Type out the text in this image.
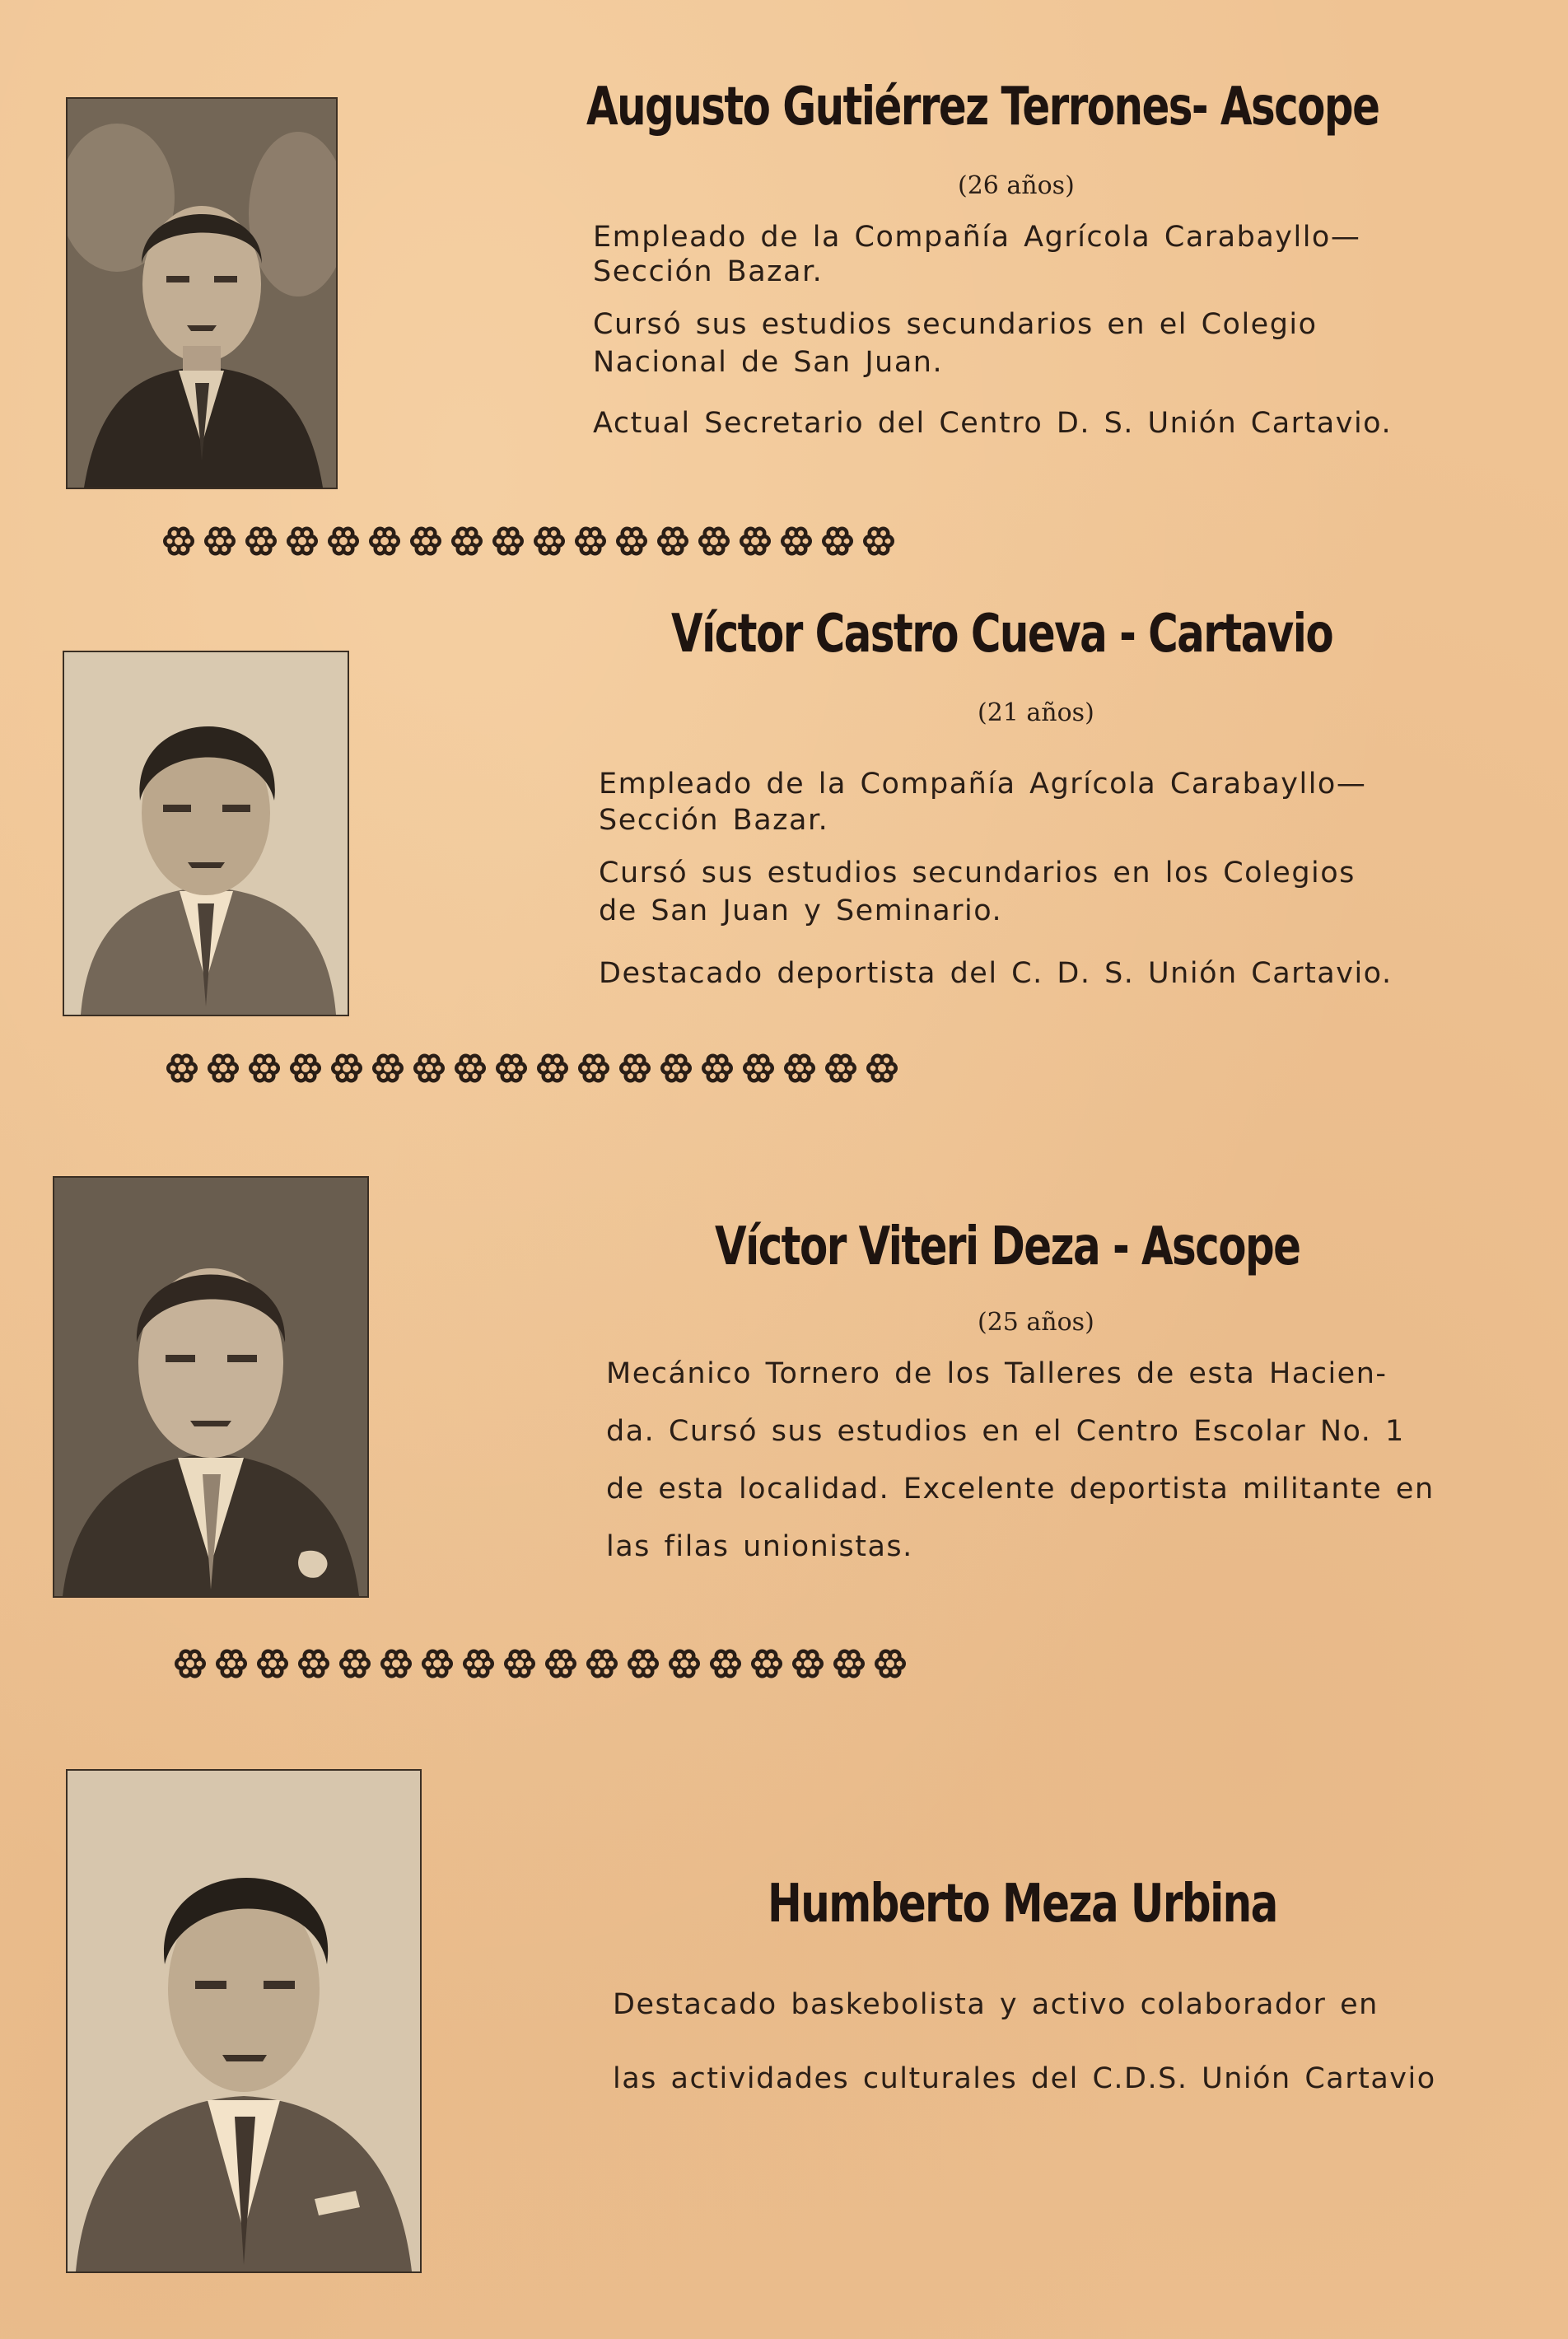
Augusto Gutiérrez Terrones- Ascope
(26 años)

Empleado de la Compañía Agrícola Carabayllo—

Sección Bazar.

Cursó sus estudios secundarios en el Colegio

Nacional de San Juan.

Actual Secretario del Centro D. S. Unión Cartavio.

Víctor Castro Cueva - Cartavio
(21 años)

Empleado de la Compañía Agrícola Carabayllo—

Sección Bazar.

Cursó sus estudios secundarios en los Colegios

de San Juan y Seminario.

Destacado deportista del C. D. S. Unión Cartavio.

Víctor Viteri Deza - Ascope
(25 años)

Mecánico Tornero de los Talleres de esta Hacien-

da. Cursó sus estudios en el Centro Escolar No. 1

de esta localidad. Excelente deportista militante en

las filas unionistas.

Humberto Meza Urbina

Destacado baskebolista y activo colaborador en

las actividades culturales del C.D.S. Unión Cartavio
